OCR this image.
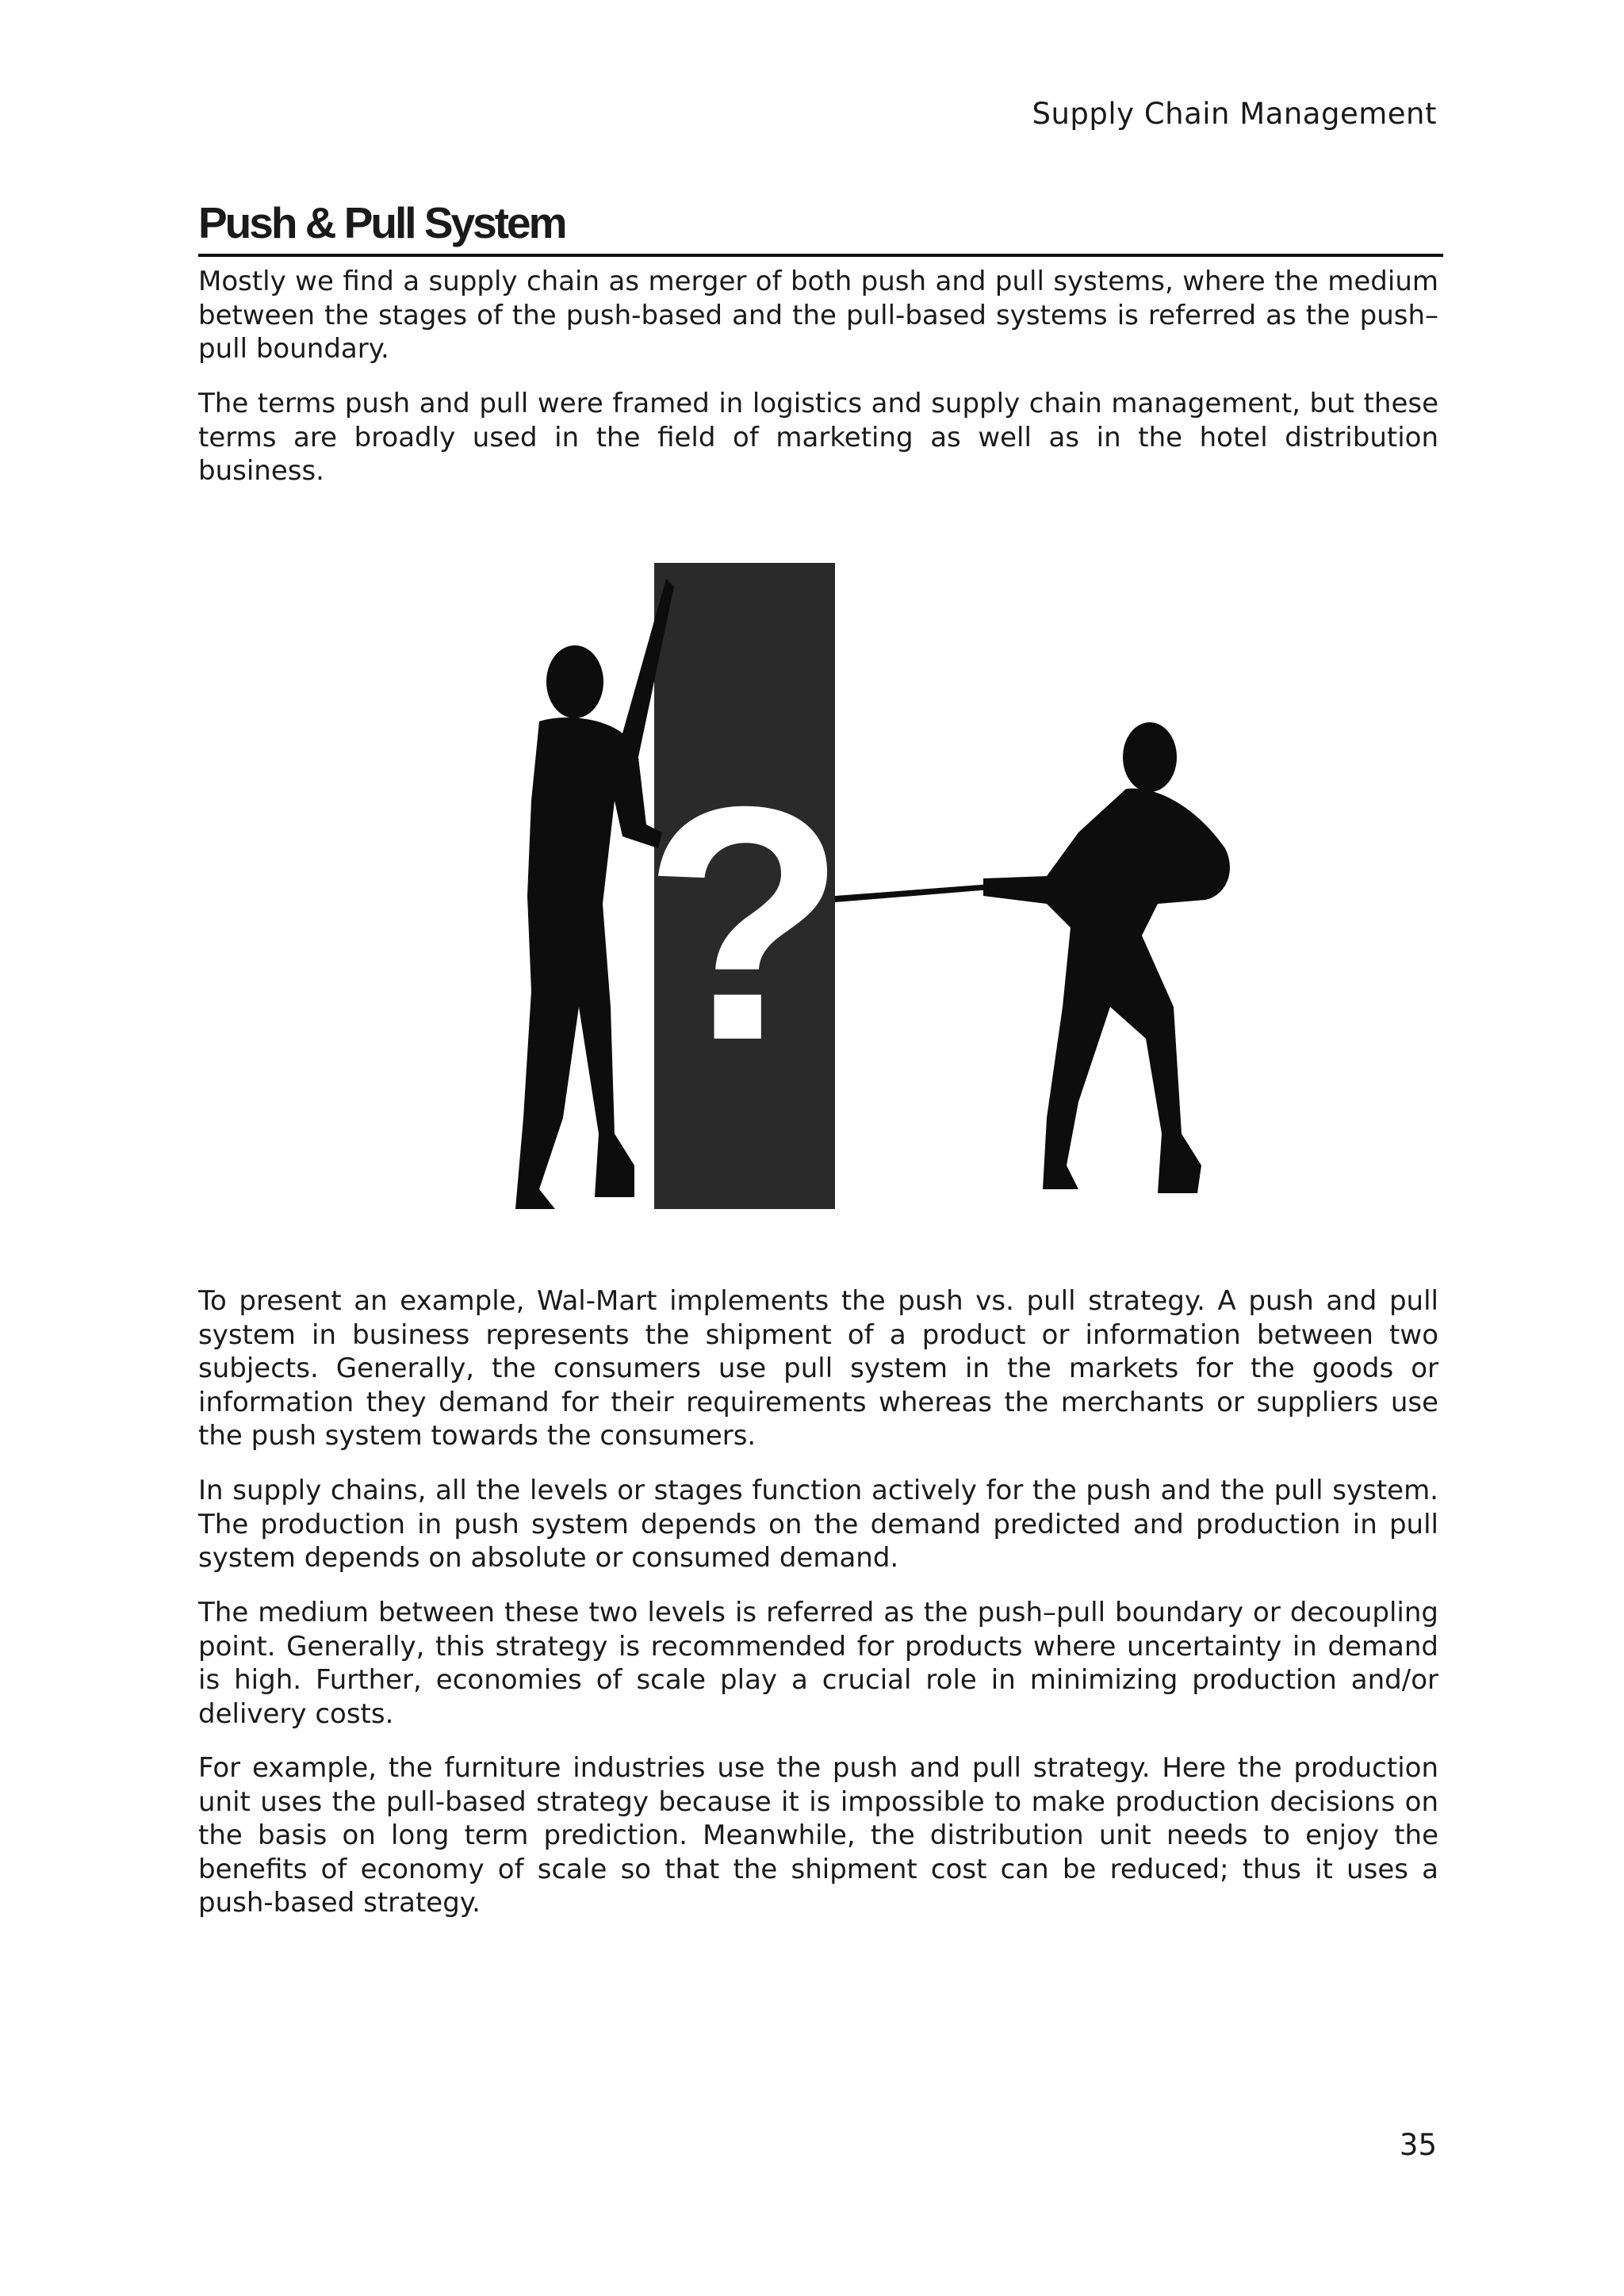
Supply Chain Management
Push & Pull System

Mostly we find a supply chain as merger of both push and pull systems, where the medium between the stages of the push-based and the pull-based systems is referred as the push–pull boundary.

The terms push and pull were framed in logistics and supply chain management, but these terms are broadly used in the field of marketing as well as in the hotel distribution business.

?

To present an example, Wal-Mart implements the push vs. pull strategy. A push and pull system in business represents the shipment of a product or information between two subjects. Generally, the consumers use pull system in the markets for the goods or information they demand for their requirements whereas the merchants or suppliers use the push system towards the consumers.

In supply chains, all the levels or stages function actively for the push and the pull system. The production in push system depends on the demand predicted and production in pull system depends on absolute or consumed demand.

The medium between these two levels is referred as the push–pull boundary or decoupling point. Generally, this strategy is recommended for products where uncertainty in demand is high. Further, economies of scale play a crucial role in minimizing production and/or delivery costs.

For example, the furniture industries use the push and pull strategy. Here the production unit uses the pull-based strategy because it is impossible to make production decisions on the basis on long term prediction. Meanwhile, the distribution unit needs to enjoy the benefits of economy of scale so that the shipment cost can be reduced; thus it uses a push-based strategy.

35
